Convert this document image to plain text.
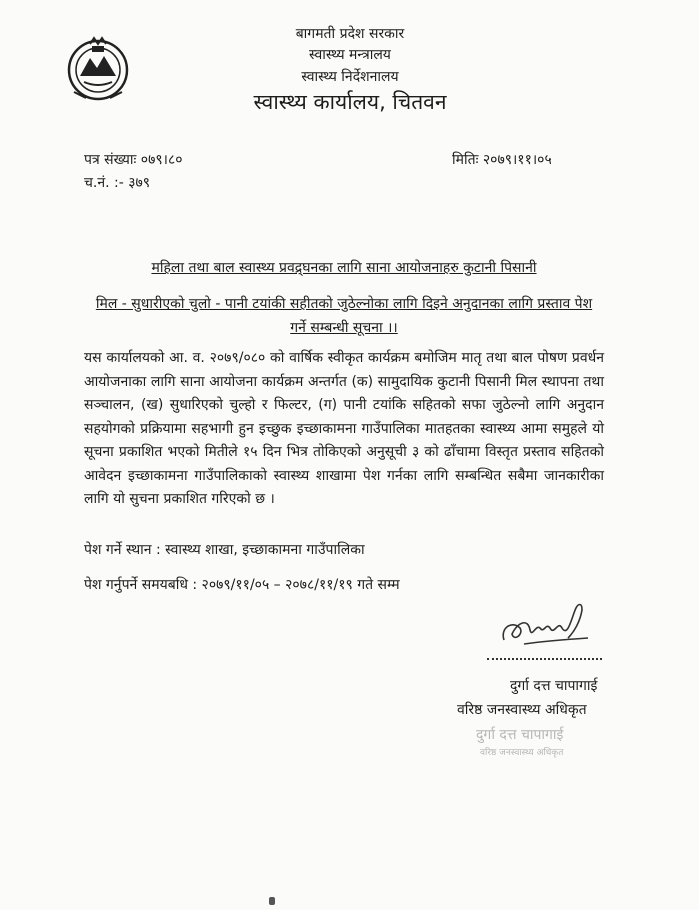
बागमती प्रदेश सरकार
स्वास्थ्य मन्त्रालय
स्वास्थ्य निर्देशनालय
स्वास्थ्य कार्यालय, चितवन
पत्र संख्याः ०७९।८०
च.नं. :- ३७९
मितिः २०७९।११।०५
महिला तथा बाल स्वास्थ्य प्रवद्र्घनका लागि साना आयोजनाहरु कुटानी पिसानी
मिल - सुधारीएको चुलो - पानी टयांकी सहीतको जुठेल्नोका लागि दिइने अनुदानका लागि प्रस्ताव पेश
गर्ने सम्बन्धी सूचना ।।
यस कार्यालयको आ. व. २०७९/०८० को वार्षिक स्वीकृत कार्यक्रम बमोजिम मातृ तथा बाल पोषण प्रवर्धन आयोजनाका लागि साना आयोजना कार्यक्रम अन्तर्गत (क) सामुदायिक कुटानी पिसानी मिल स्थापना तथा सञ्चालन, (ख) सुधारिएको चुल्हो र फिल्टर, (ग) पानी टयांकि सहितको सफा जुठेल्नो लागि अनुदान सहयोगको प्रक्रियामा सहभागी हुन इच्छुक इच्छाकामना गाउँपालिका मातहतका स्वास्थ्य आमा समुहले यो सूचना प्रकाशित भएको मितीले १५ दिन भित्र तोकिएको अनुसूची ३ को ढाँचामा विस्तृत प्रस्ताव सहितको आवेदन इच्छाकामना गाउँपालिकाको स्वास्थ्य शाखामा पेश गर्नका लागि सम्बन्धित सबैमा जानकारीका लागि यो सुचना प्रकाशित गरिएको छ ।
पेश गर्ने स्थान : स्वास्थ्य शाखा, इच्छाकामना गाउँपालिका
पेश गर्नुपर्ने समयबधि : २०७९/११/०५ – २०७८/११/१९ गते सम्म
दुर्गा दत्त चापागाई
वरिष्ठ जनस्वास्थ्य अधिकृत
दुर्गा दत्त चापागाई
वरिष्ठ जनस्वास्थ्य अधिकृत
